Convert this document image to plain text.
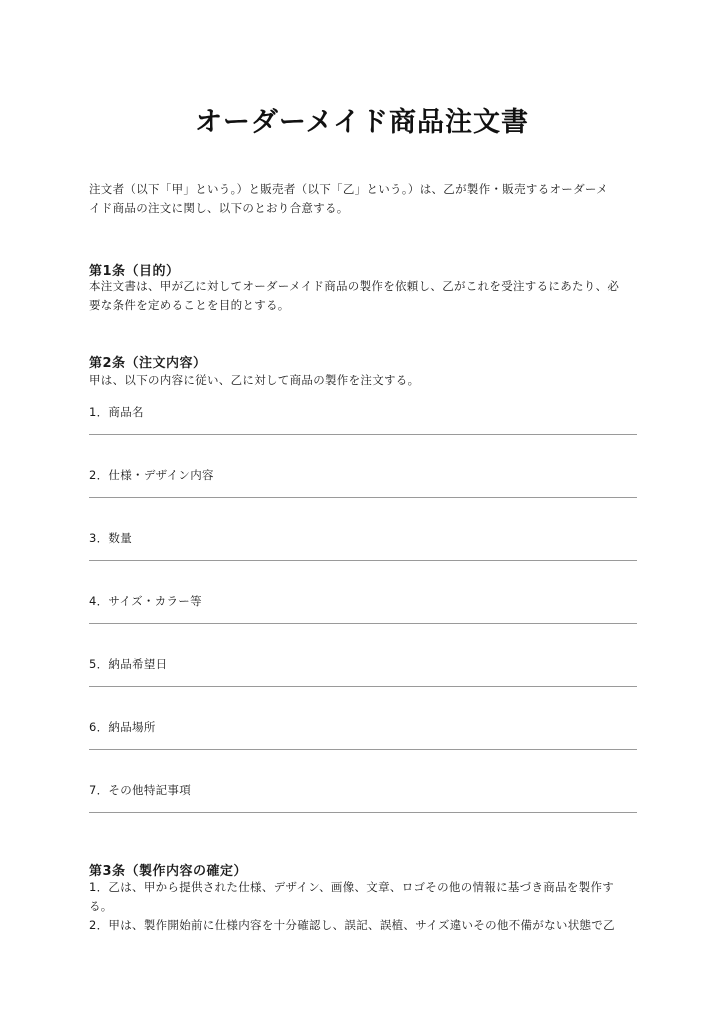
オーダーメイド商品注文書

注文者（以下「甲」という。）と販売者（以下「乙」という。）は、乙が製作・販売するオーダーメ
イド商品の注文に関し、以下のとおり合意する。

第1条（目的）

本注文書は、甲が乙に対してオーダーメイド商品の製作を依頼し、乙がこれを受注するにあたり、必
要な条件を定めることを目的とする。

第2条（注文内容）

甲は、以下の内容に従い、乙に対して商品の製作を注文する。

1．商品名
2．仕様・デザイン内容
3．数量
4．サイズ・カラー等
5．納品希望日
6．納品場所
7．その他特記事項
第3条（製作内容の確定）

1．乙は、甲から提供された仕様、デザイン、画像、文章、ロゴその他の情報に基づき商品を製作す
る。
2．甲は、製作開始前に仕様内容を十分確認し、誤記、誤植、サイズ違いその他不備がない状態で乙
